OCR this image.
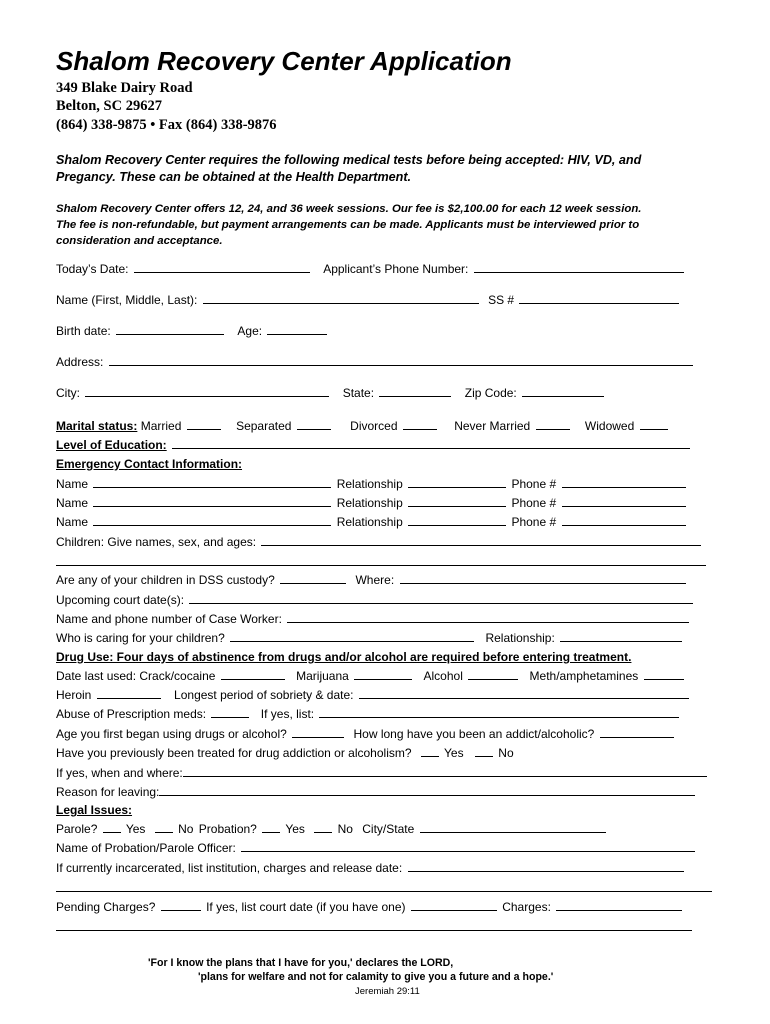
Shalom Recovery Center Application
349 Blake Dairy Road
Belton, SC 29627
(864) 338-9875 • Fax (864) 338-9876
Shalom Recovery Center requires the following medical tests before being accepted: HIV, VD, and
Pregancy. These can be obtained at the Health Department.
Shalom Recovery Center offers 12, 24, and 36 week sessions. Our fee is $2,100.00 for each 12 week session.
The fee is non-refundable, but payment arrangements can be made. Applicants must be interviewed prior to
consideration and acceptance.
Today’s Date:	Applicant’s Phone Number:
Name (First, Middle, Last):	SS #
Birth date:	Age:
Address:
City:	State:	Zip Code:
Marital status: Married	Separated	Divorced	Never Married	Widowed
Level of Education:
Emergency Contact Information:
Name	Relationship	Phone #
Name	Relationship	Phone #
Name	Relationship	Phone #
Children: Give names, sex, and ages:
Are any of your children in DSS custody?	Where:
Upcoming court date(s):
Name and phone number of Case Worker:
Who is caring for your children?	Relationship:
Drug Use: Four days of abstinence from drugs and/or alcohol are required before entering treatment.
Date last used: Crack/cocaine	Marijuana	Alcohol	Meth/amphetamines
Heroin	Longest period of sobriety & date:
Abuse of Prescription meds:	If yes, list:
Age you first began using drugs or alcohol?	How long have you been an addict/alcoholic?
Have you previously been treated for drug addiction or alcoholism?	Yes	No
If yes, when and where:
Reason for leaving:
Legal Issues:
Parole? Yes	No Probation? Yes	No City/State
Name of Probation/Parole Officer:
If currently incarcerated, list institution, charges and release date:
Pending Charges?	If yes, list court date (if you have one)	Charges:
'For I know the plans that I have for you,' declares the LORD,
'plans for welfare and not for calamity to give you a future and a hope.'
Jeremiah 29:11
